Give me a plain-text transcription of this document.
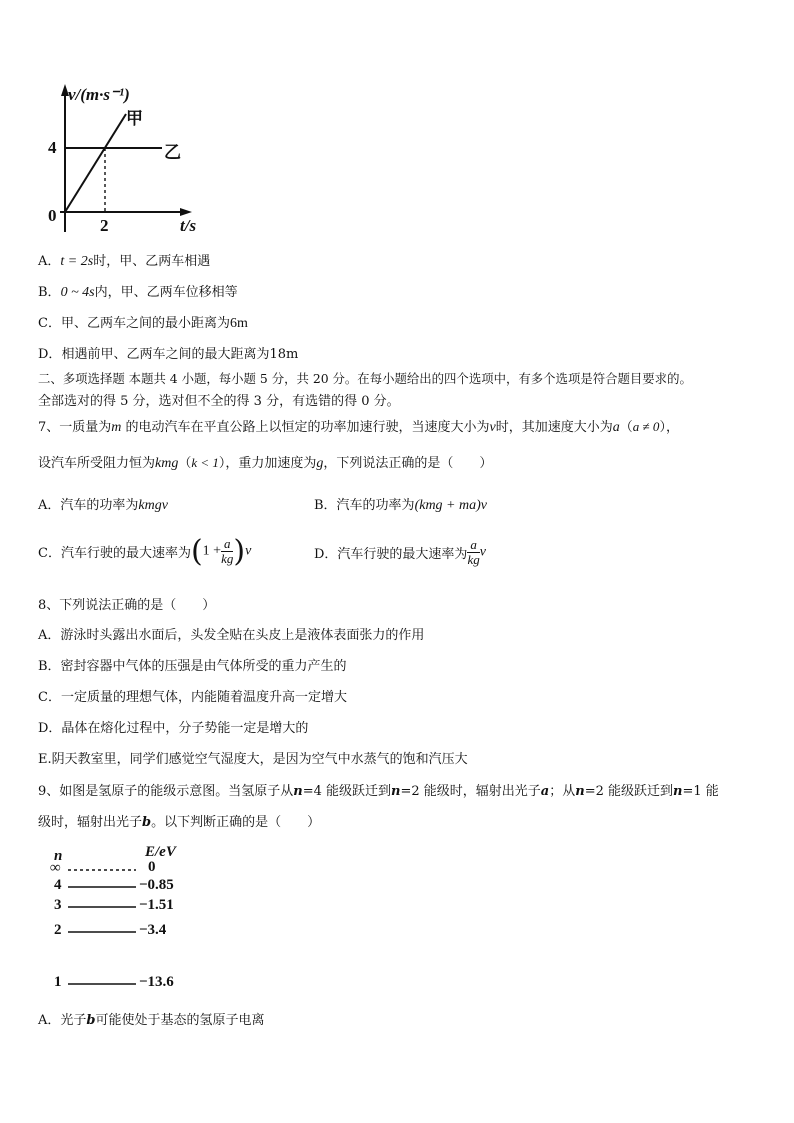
v/(m·s⁻¹)
0
4
2	t/s
甲
乙
A．t = 2s时，甲、乙两车相遇
B．0 ~ 4s内，甲、乙两车位移相等
C．甲、乙两车之间的最小距离为6m
D．相遇前甲、乙两车之间的最大距离为18m
二、多项选择题 本题共 4 小题，每小题 5 分，共 20 分。在每小题给出的四个选项中，有多个选项是符合题目要求的。
全部选对的得 5 分，选对但不全的得 3 分，有选错的得 0 分。
7、一质量为m 的电动汽车在平直公路上以恒定的功率加速行驶，当速度大小为v时，其加速度大小为a（a ≠ 0），
设汽车所受阻力恒为kmg（k < 1），重力加速度为g，下列说法正确的是（　　）
A．汽车的功率为kmgv	B．汽车的功率为(kmg + ma)v
C．汽车行驶的最大速率为$(1 + \frac{a}{kg} )v$	D．汽车行驶的最大速率为 $\frac{a}{kg}$ v
8、下列说法正确的是（　　）
A．游泳时头露出水面后，头发全贴在头皮上是液体表面张力的作用
B．密封容器中气体的压强是由气体所受的重力产生的
C．一定质量的理想气体，内能随着温度升高一定增大
D．晶体在熔化过程中，分子势能一定是增大的
E.阴天教室里，同学们感觉空气湿度大，是因为空气中水蒸气的饱和汽压大
9、如图是氢原子的能级示意图。当氢原子从n=4 能级跃迁到n=2 能级时，辐射出光子a；从n=2 能级跃迁到n=1 能
级时，辐射出光子b。以下判断正确的是（　　）
n	E/eV
∞	0
4	−0.85
3	−1.51
2	−3.4
1	−13.6
A．光子b可能使处于基态的氢原子电离
